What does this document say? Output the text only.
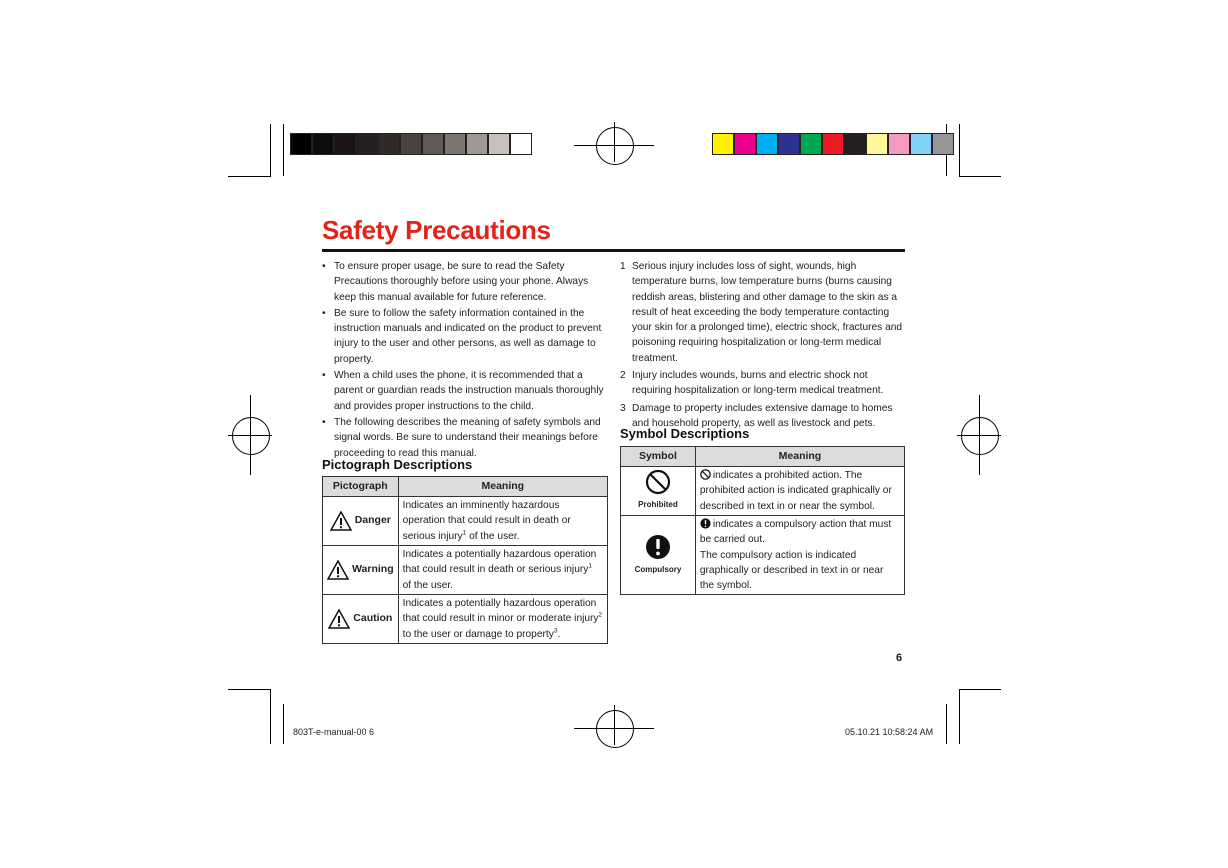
Safety Precautions
• To ensure proper usage, be sure to read the Safety Precautions thoroughly before using your phone. Always keep this manual available for future reference.
• Be sure to follow the safety information contained in the instruction manuals and indicated on the product to prevent injury to the user and other persons, as well as damage to property.
• When a child uses the phone, it is recommended that a parent or guardian reads the instruction manuals thoroughly and provides proper instructions to the child.
• The following describes the meaning of safety symbols and signal words. Be sure to understand their meanings before proceeding to read this manual.
Pictograph Descriptions
Pictograph	Meaning

Danger	Indicates an imminently hazardous operation that could result in death or serious injury$^1$ of the user.

Warning	Indicates a potentially hazardous operation that could result in death or serious injury$^1$ of the user.

Caution	Indicates a potentially hazardous operation that could result in minor or moderate injury$^2$ to the user or damage to property$^3$.
1 Serious injury includes loss of sight, wounds, high temperature burns, low temperature burns (burns causing reddish areas, blistering and other damage to the skin as a result of heat exceeding the body temperature contacting your skin for a prolonged time), electric shock, fractures and poisoning requiring hospitalization or long-term medical treatment.
2 Injury includes wounds, burns and electric shock not requiring hospitalization or long-term medical treatment.
3 Damage to property includes extensive damage to homes and household property, as well as livestock and pets.
Symbol Descriptions
Symbol	Meaning

Prohibited	indicates a prohibited action. The prohibited action is indicated graphically or described in text in or near the symbol.

Compulsory	indicates a compulsory action that must be carried out.
The compulsory action is indicated graphically or described in text in or near the symbol.
6
803T-e-manual-00 6	05.10.21 10:58:24 AM
